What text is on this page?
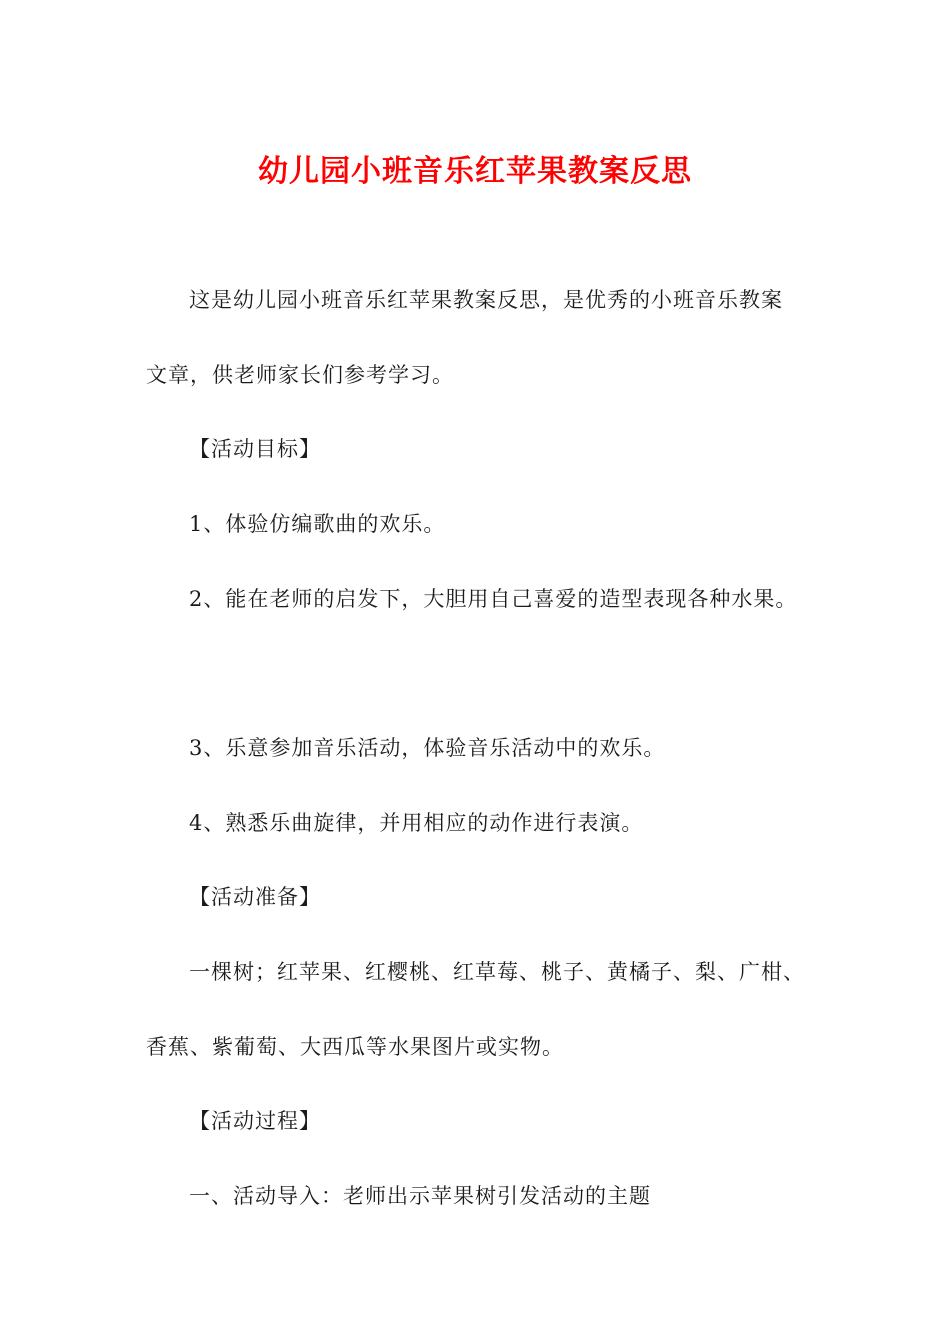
幼儿园小班音乐红苹果教案反思

这是幼儿园小班音乐红苹果教案反思，是优秀的小班音乐教案

文章，供老师家长们参考学习。

【活动目标】

1、体验仿编歌曲的欢乐。

2、能在老师的启发下，大胆用自己喜爱的造型表现各种水果。

3、乐意参加音乐活动，体验音乐活动中的欢乐。

4、熟悉乐曲旋律，并用相应的动作进行表演。

【活动准备】

一棵树；红苹果、红樱桃、红草莓、桃子、黄橘子、梨、广柑、

香蕉、紫葡萄、大西瓜等水果图片或实物。

【活动过程】

一、活动导入：老师出示苹果树引发活动的主题
